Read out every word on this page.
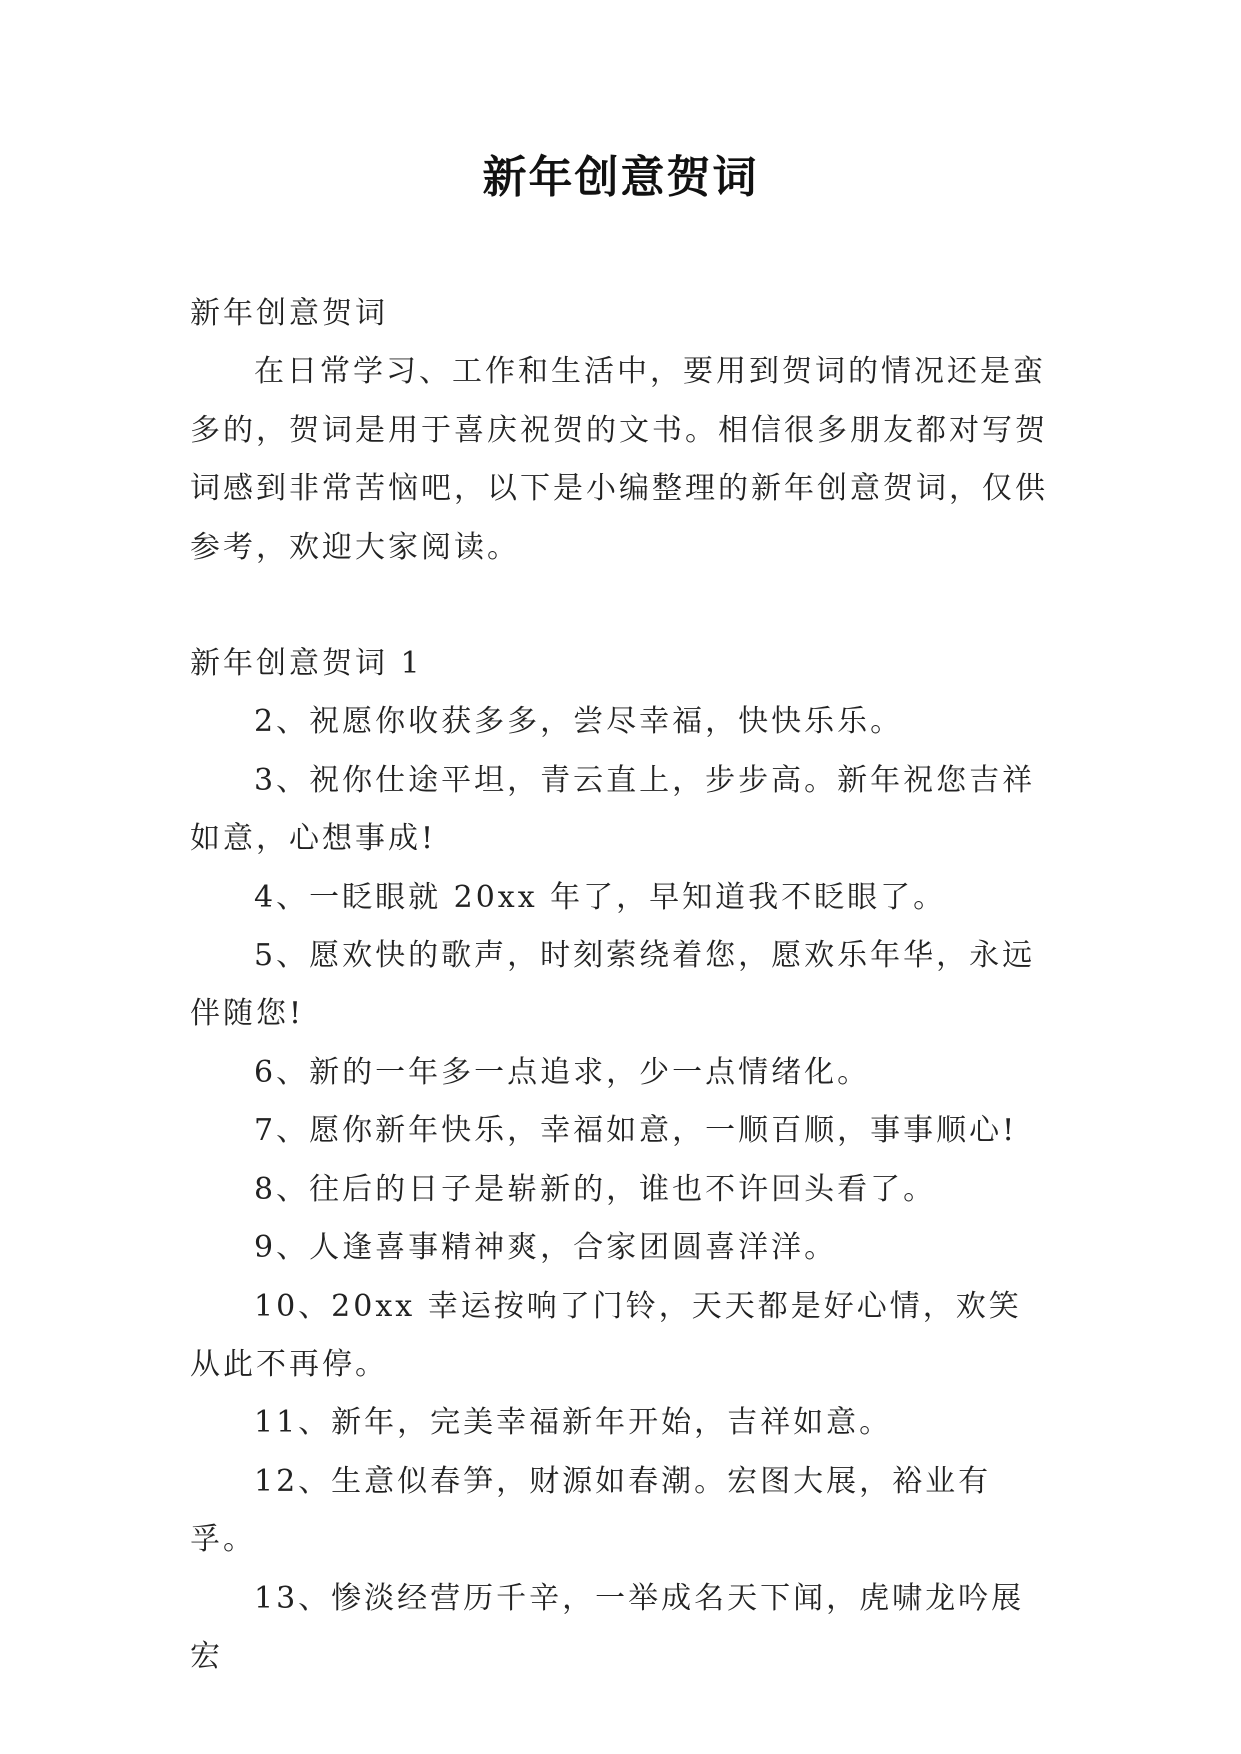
新年创意贺词

新年创意贺词

在日常学习、工作和生活中，要用到贺词的情况还是蛮多的，贺词是用于喜庆祝贺的文书。相信很多朋友都对写贺词感到非常苦恼吧，以下是小编整理的新年创意贺词，仅供参考，欢迎大家阅读。

新年创意贺词 1

2、祝愿你收获多多，尝尽幸福，快快乐乐。

3、祝你仕途平坦，青云直上，步步高。新年祝您吉祥如意，心想事成!

4、一眨眼就 20xx 年了，早知道我不眨眼了。

5、愿欢快的歌声，时刻萦绕着您，愿欢乐年华，永远伴随您!

6、新的一年多一点追求，少一点情绪化。

7、愿你新年快乐，幸福如意，一顺百顺，事事顺心!

8、往后的日子是崭新的，谁也不许回头看了。

9、人逢喜事精神爽，合家团圆喜洋洋。

10、20xx 幸运按响了门铃，天天都是好心情，欢笑从此不再停。

11、新年，完美幸福新年开始，吉祥如意。

12、生意似春笋，财源如春潮。宏图大展，裕业有孚。

13、惨淡经营历千辛，一举成名天下闻，虎啸龙吟展宏
